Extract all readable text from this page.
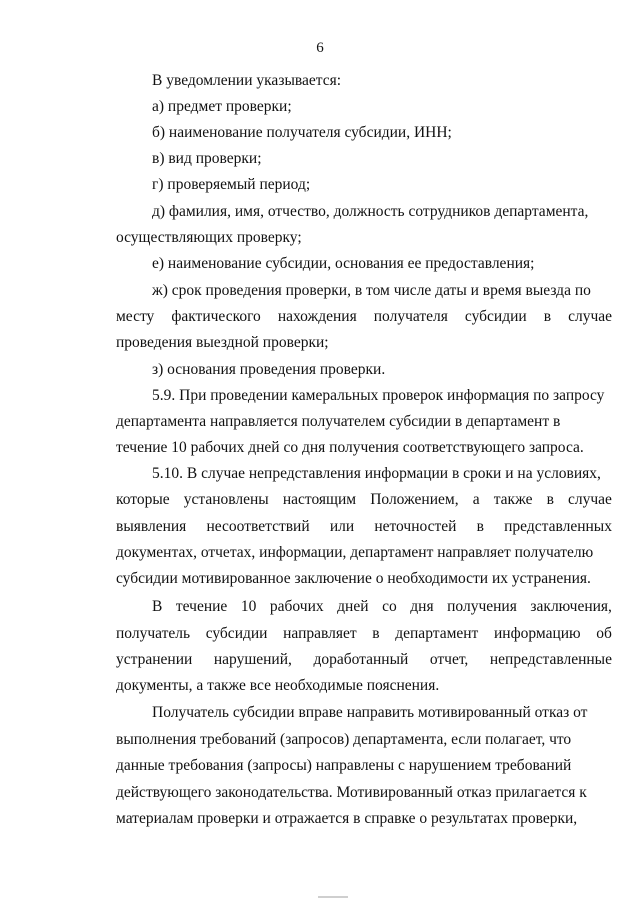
6
В уведомлении указывается:
а) предмет проверки;
б) наименование получателя субсидии, ИНН;
в) вид проверки;
г) проверяемый период;
д) фамилия, имя, отчество, должность сотрудников департамента,
осуществляющих проверку;
е) наименование субсидии, основания ее предоставления;
ж) срок проведения проверки, в том числе даты и время выезда по
месту фактического нахождения получателя субсидии в случае
проведения выездной проверки;
з) основания проведения проверки.
5.9. При проведении камеральных проверок информация по запросу
департамента направляется получателем субсидии в департамент в
течение 10 рабочих дней со дня получения соответствующего запроса.
5.10. В случае непредставления информации в сроки и на условиях,
которые установлены настоящим Положением, а также в случае
выявления несоответствий или неточностей в представленных
документах, отчетах, информации, департамент направляет получателю
субсидии мотивированное заключение о необходимости их устранения.
В течение 10 рабочих дней со дня получения заключения,
получатель субсидии направляет в департамент информацию об
устранении нарушений, доработанный отчет, непредставленные
документы, а также все необходимые пояснения.
Получатель субсидии вправе направить мотивированный отказ от
выполнения требований (запросов) департамента, если полагает, что
данные требования (запросы) направлены с нарушением требований
действующего законодательства. Мотивированный отказ прилагается к
материалам проверки и отражается в справке о результатах проверки,
